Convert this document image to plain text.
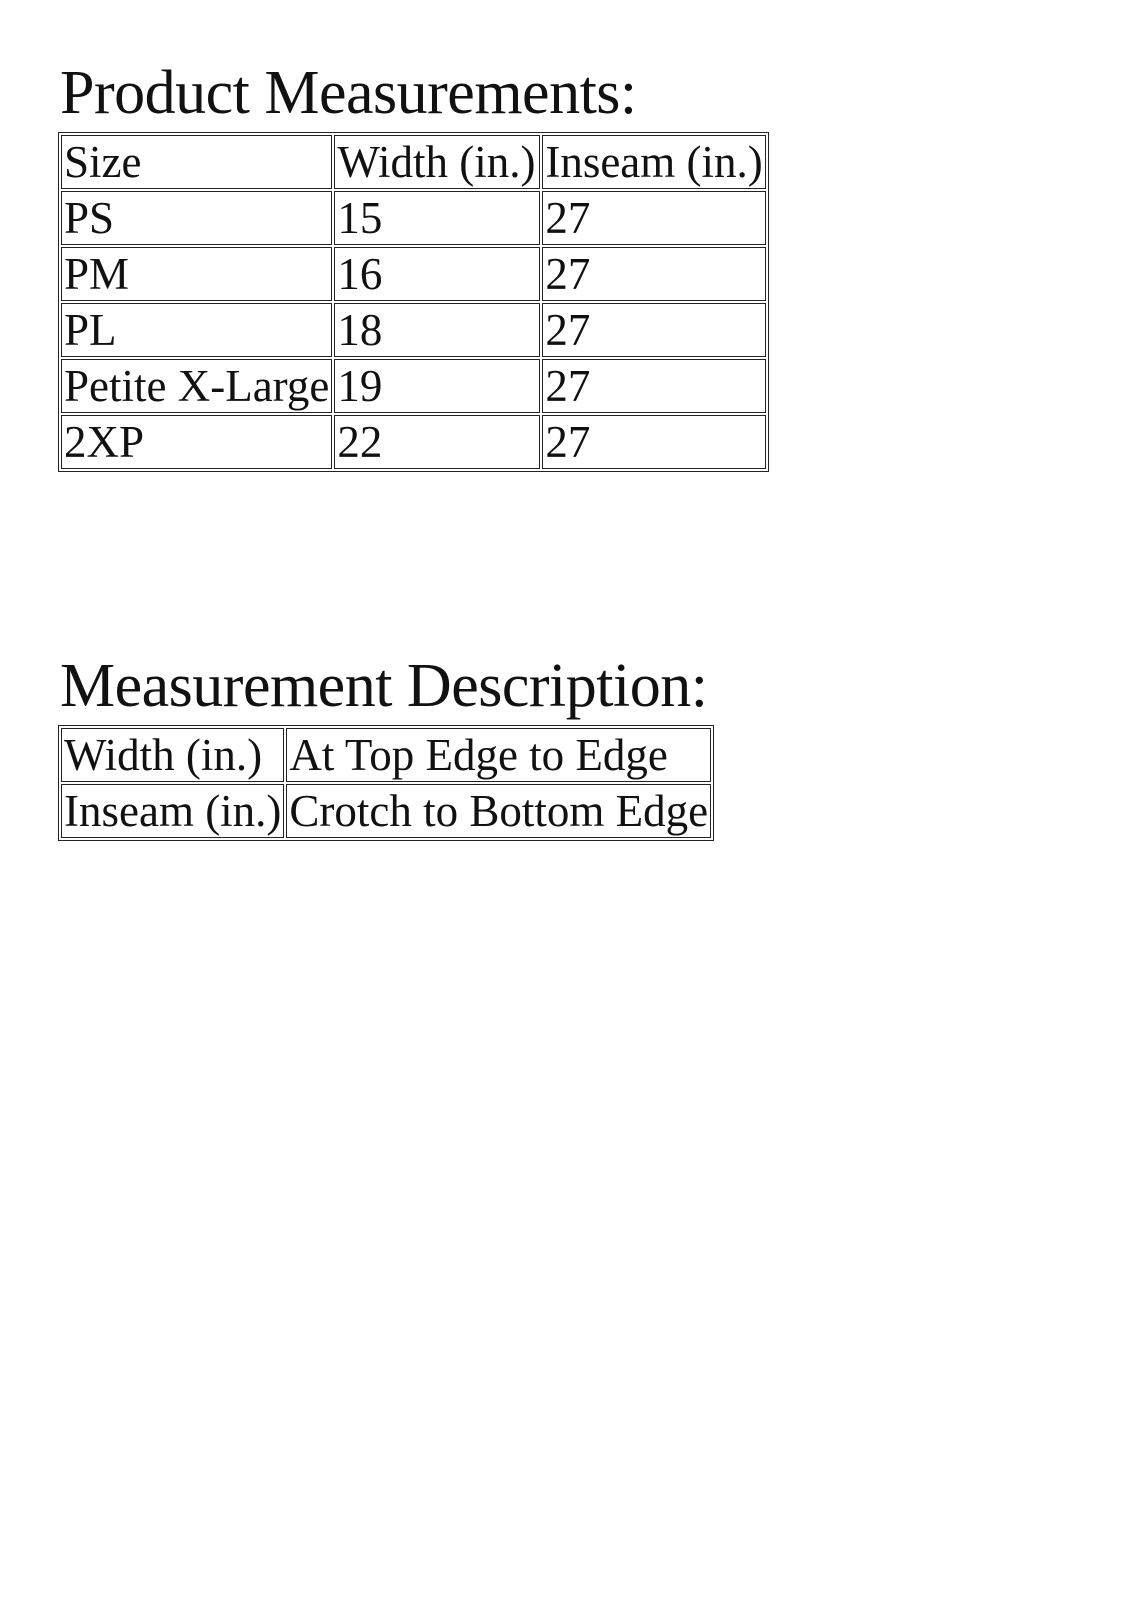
Product Measurements:
Size	Width (in.)	Inseam (in.)
PS	15	27
PM	16	27
PL	18	27
Petite X-Large	19	27
2XP	22	27
Measurement Description:
Width (in.)	At Top Edge to Edge
Inseam (in.)	Crotch to Bottom Edge
